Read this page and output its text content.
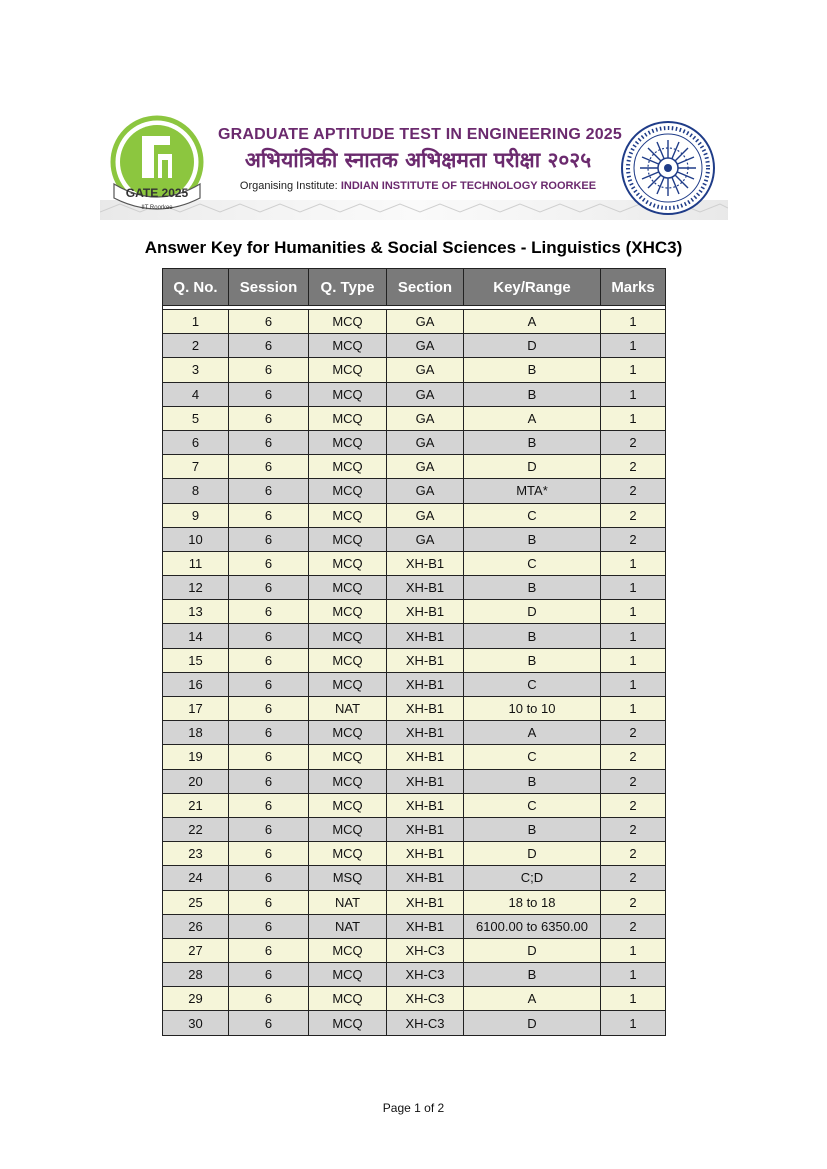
GATE 2025
IIT Roorkee
GRADUATE APTITUDE TEST IN ENGINEERING 2025
अभियांत्रिकी स्नातक अभिक्षमता परीक्षा २०२५
Organising Institute: INDIAN INSTITUTE OF TECHNOLOGY ROORKEE
Answer Key for Humanities & Social Sciences - Linguistics (XHC3)
Q. No.	Session	Q. Type	Section	Key/Range	Marks

1	6	MCQ	GA	A	1
2	6	MCQ	GA	D	1
3	6	MCQ	GA	B	1
4	6	MCQ	GA	B	1
5	6	MCQ	GA	A	1
6	6	MCQ	GA	B	2
7	6	MCQ	GA	D	2
8	6	MCQ	GA	MTA*	2
9	6	MCQ	GA	C	2
10	6	MCQ	GA	B	2
11	6	MCQ	XH-B1	C	1
12	6	MCQ	XH-B1	B	1
13	6	MCQ	XH-B1	D	1
14	6	MCQ	XH-B1	B	1
15	6	MCQ	XH-B1	B	1
16	6	MCQ	XH-B1	C	1
17	6	NAT	XH-B1	10 to 10	1
18	6	MCQ	XH-B1	A	2
19	6	MCQ	XH-B1	C	2
20	6	MCQ	XH-B1	B	2
21	6	MCQ	XH-B1	C	2
22	6	MCQ	XH-B1	B	2
23	6	MCQ	XH-B1	D	2
24	6	MSQ	XH-B1	C;D	2
25	6	NAT	XH-B1	18 to 18	2
26	6	NAT	XH-B1	6100.00 to 6350.00	2
27	6	MCQ	XH-C3	D	1
28	6	MCQ	XH-C3	B	1
29	6	MCQ	XH-C3	A	1
30	6	MCQ	XH-C3	D	1
Page 1 of 2
